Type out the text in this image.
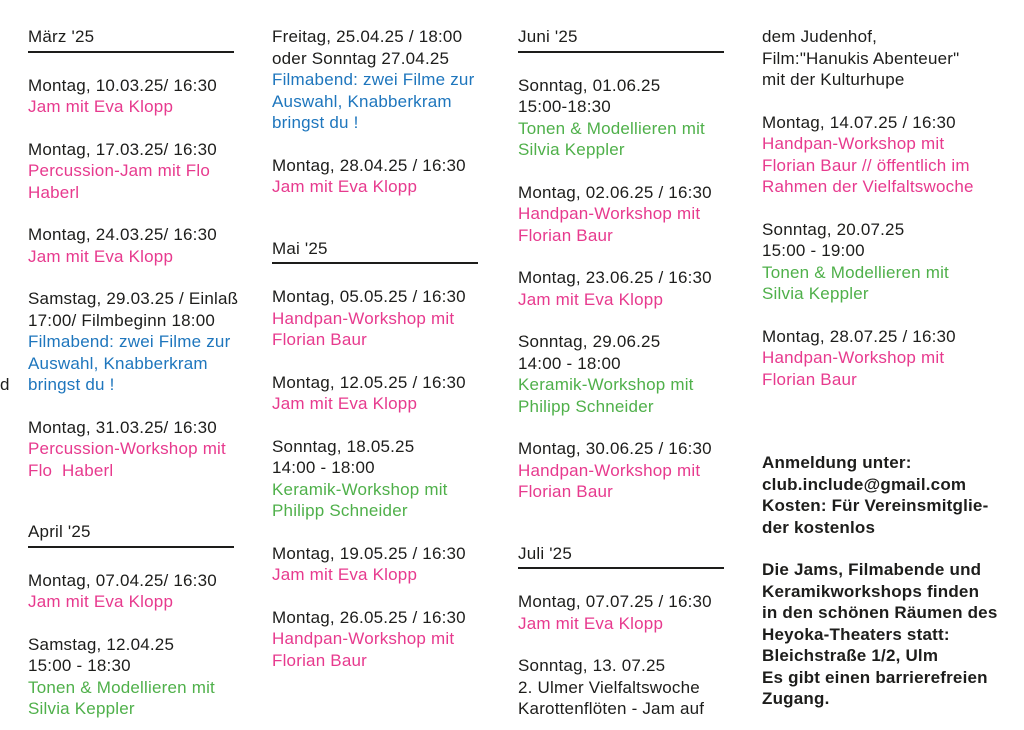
d
März '25
Montag, 10.03.25/ 16:30
Jam mit Eva Klopp
Montag, 17.03.25/ 16:30
Percussion-Jam mit Flo
Haberl
Montag, 24.03.25/ 16:30
Jam mit Eva Klopp
Samstag, 29.03.25 / Einlaß
17:00/ Filmbeginn 18:00
Filmabend: zwei Filme zur
Auswahl, Knabberkram
bringst du !
Montag, 31.03.25/ 16:30
Percussion-Workshop mit
Flo  Haberl
April '25
Montag, 07.04.25/ 16:30
Jam mit Eva Klopp
Samstag, 12.04.25
15:00 - 18:30
Tonen & Modellieren mit
Silvia Keppler
Freitag, 25.04.25 / 18:00
oder Sonntag 27.04.25
Filmabend: zwei Filme zur
Auswahl, Knabberkram
bringst du !
Montag, 28.04.25 / 16:30
Jam mit Eva Klopp
Mai '25
Montag, 05.05.25 / 16:30
Handpan-Workshop mit
Florian Baur
Montag, 12.05.25 / 16:30
Jam mit Eva Klopp
Sonntag, 18.05.25
14:00 - 18:00
Keramik-Workshop mit
Philipp Schneider
Montag, 19.05.25 / 16:30
Jam mit Eva Klopp
Montag, 26.05.25 / 16:30
Handpan-Workshop mit
Florian Baur
Juni '25
Sonntag, 01.06.25
15:00-18:30
Tonen & Modellieren mit
Silvia Keppler
Montag, 02.06.25 / 16:30
Handpan-Workshop mit
Florian Baur
Montag, 23.06.25 / 16:30
Jam mit Eva Klopp
Sonntag, 29.06.25
14:00 - 18:00
Keramik-Workshop mit
Philipp Schneider
Montag, 30.06.25 / 16:30
Handpan-Workshop mit
Florian Baur
Juli '25
Montag, 07.07.25 / 16:30
Jam mit Eva Klopp
Sonntag, 13. 07.25
2. Ulmer Vielfaltswoche
Karottenflöten - Jam auf
dem Judenhof,
Film:"Hanukis Abenteuer"
mit der Kulturhupe
Montag, 14.07.25 / 16:30
Handpan-Workshop mit
Florian Baur // öffentlich im
Rahmen der Vielfaltswoche
Sonntag, 20.07.25
15:00 - 19:00
Tonen & Modellieren mit
Silvia Keppler
Montag, 28.07.25 / 16:30
Handpan-Workshop mit
Florian Baur
Anmeldung unter:
club.include@gmail.com
Kosten: Für Vereinsmitglie-
der kostenlos
Die Jams, Filmabende und
Keramikworkshops finden
in den schönen Räumen des
Heyoka-Theaters statt:
Bleichstraße 1/2, Ulm
Es gibt einen barrierefreien
Zugang.
